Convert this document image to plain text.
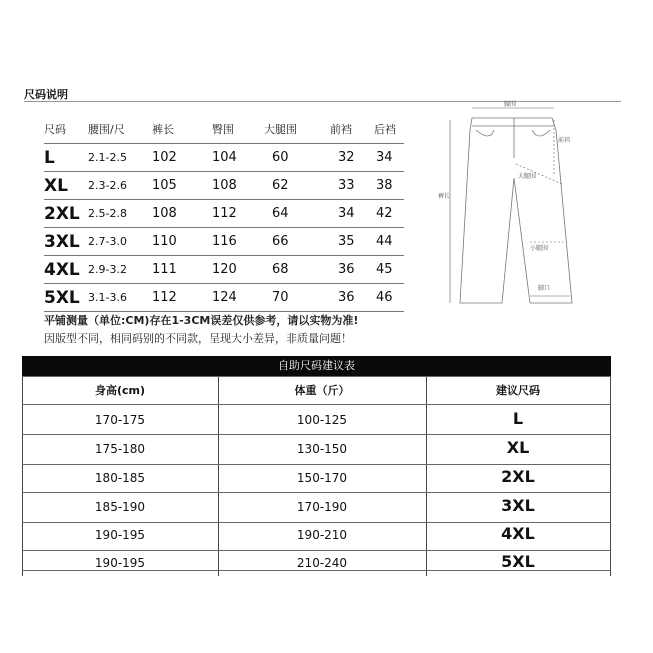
尺码说明
尺码 腰围/尺 裤长	臀围	大腿围	前裆 后裆
L	2.1-2.5 102	104	60	32 34
XL 2.3-2.6 105	108	62	33 38
2XL 2.5-2.8 108	112	64	34 42
3XL 2.7-3.0 110	116	66	35 44
4XL 2.9-3.2 111	120	68	36 45
5XL 3.1-3.6 112	124	70	36 46
平铺测量（单位:CM)存在1-3CM误差仅供参考，请以实物为准!
因版型不同，相同码别的不同款，呈现大小差异，非质量问题！
腰围
前裆
大腿围
裤长
小腿围
脚口
自助尺码建议表
身高(cm)	体重（斤）	建议尺码
170-175	100-125	L
175-180	130-150	XL
180-185	150-170	2XL
185-190	170-190	3XL
190-195	190-210	4XL
190-195	210-240	5XL
